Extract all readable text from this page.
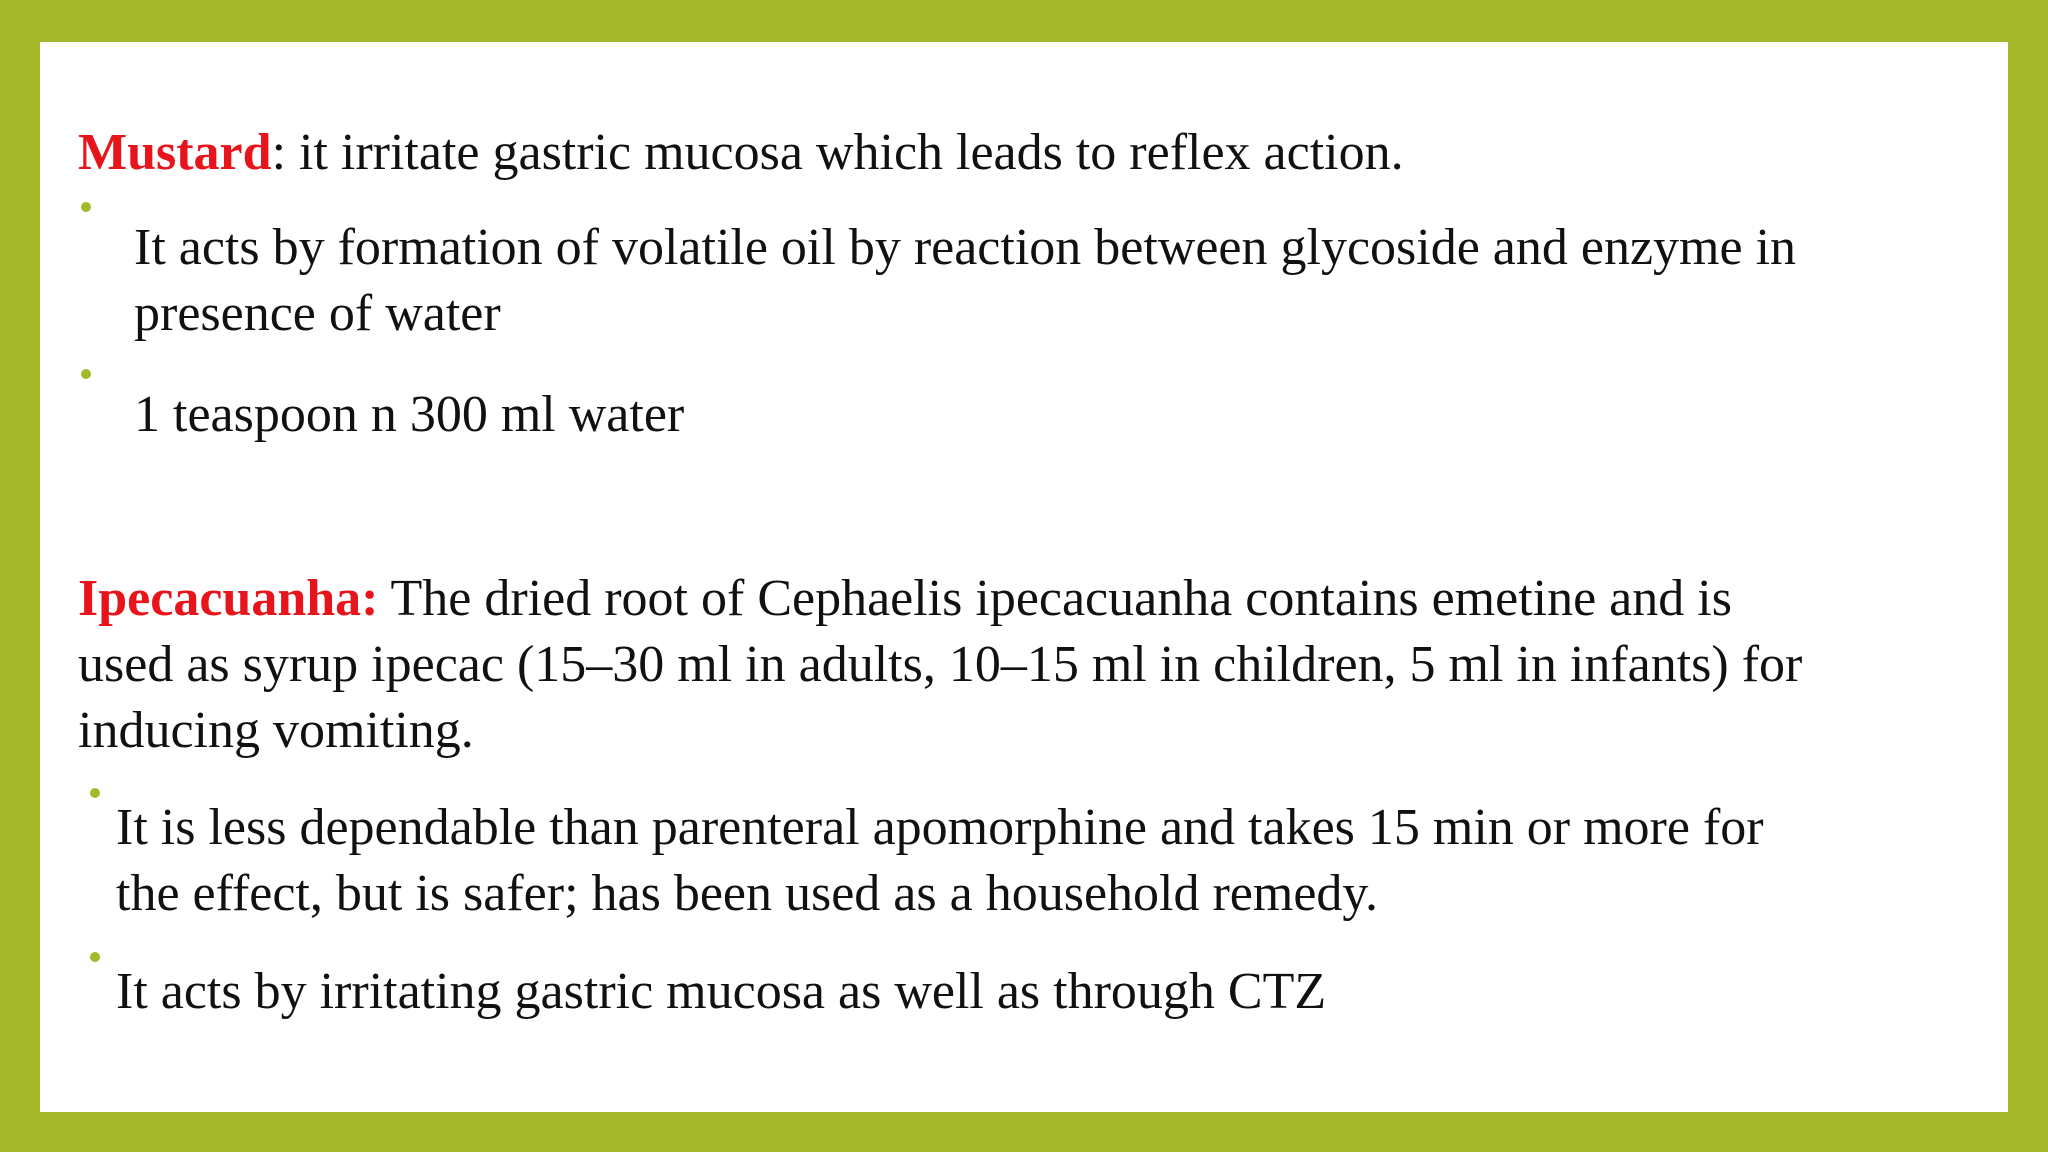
Mustard: it irritate gastric mucosa which leads to reflex action.

It acts by formation of volatile oil by reaction between glycoside and enzyme in
presence of water

1 teaspoon n 300 ml water

Ipecacuanha: The dried root of Cephaelis ipecacuanha contains emetine and is
used as syrup ipecac (15–30 ml in adults, 10–15 ml in children, 5 ml in infants) for
inducing vomiting.

It is less dependable than parenteral apomorphine and takes 15 min or more for
the effect, but is safer; has been used as a household remedy.

It acts by irritating gastric mucosa as well as through CTZ
